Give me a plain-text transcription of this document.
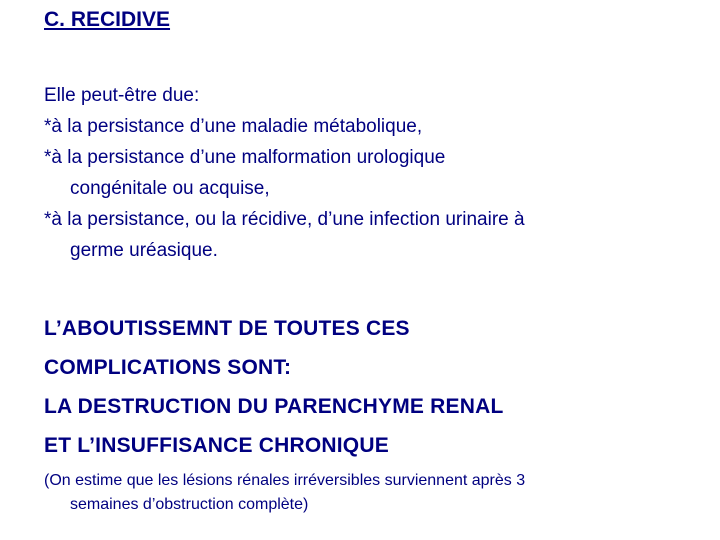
C. RECIDIVE
Elle peut-être due:
*à la persistance d’une maladie métabolique,
*à la persistance d’une malformation urologique
congénitale ou acquise,
*à la persistance, ou la récidive, d’une infection urinaire à
germe uréasique.
L’ABOUTISSEMNT DE TOUTES CES
COMPLICATIONS SONT:
LA DESTRUCTION DU PARENCHYME RENAL
ET L’INSUFFISANCE CHRONIQUE
(On estime que les lésions rénales irréversibles surviennent après 3
semaines d’obstruction complète)
